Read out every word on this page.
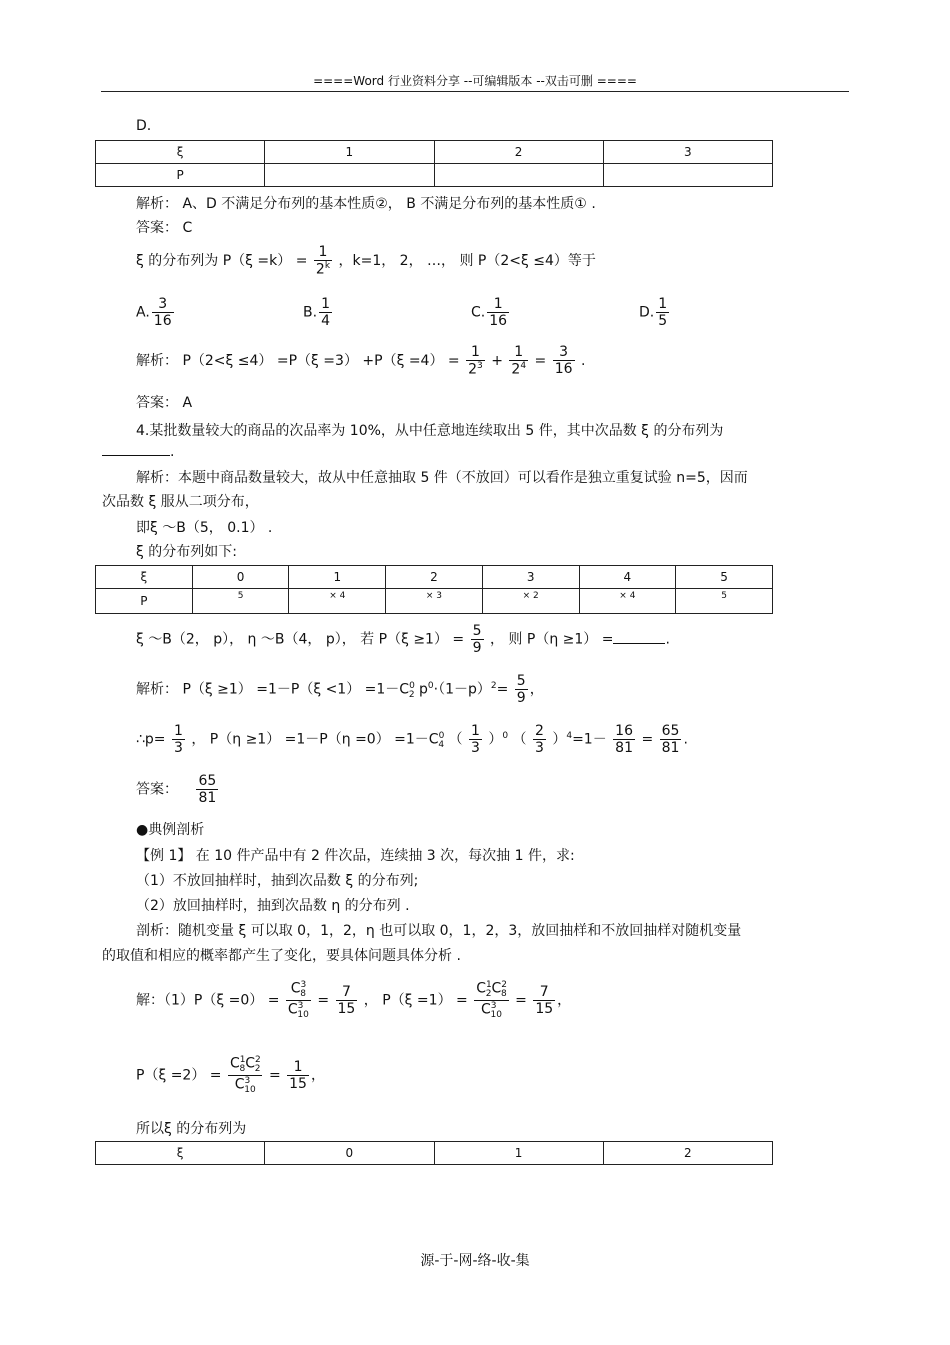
====Word 行业资料分享 --可编辑版本 --双击可删 ====
D.
ξ	1	2	3
P			
解析： A、D 不满足分布列的基本性质②， B 不满足分布列的基本性质① .
答案： C
ξ 的分布列为 $P(\xi =k) = \frac{1}{2^k}$ ，k=1， 2， …， 则 P（2<ξ ≤4）等于
A. $\frac{3}{16}$	B. $\frac{1}{4}$	C. $\frac{1}{16}$	D. $\frac{1}{5}$
解析： $P(2<\xi \le 4) =P(\xi =3) +P(\xi =4) = \frac{1}{2^3} + \frac{1}{2^4} = \frac{3}{16}$ .
答案： A
4.某批数量较大的商品的次品率为 10%，从中任意地连续取出 5 件，其中次品数 ξ 的分布列为
.
解析：本题中商品数量较大，故从中任意抽取 5 件（不放回）可以看作是独立重复试验 n=5，因而
次品数 ξ 服从二项分布，
即ξ ～B（5， 0.1） .
ξ 的分布列如下:
ξ	0	1	2	3	4	5
P	5	× 4	× 3	× 2	× 4	5
ξ ～B（2， p）， η ～B（4， p）， 若 $P(\xi \ge 1) = \frac{5}{9}$ ， 则 P（η ≥1） =	.
解析： $P(\xi \ge 1) =1-P(\xi <1) =1-C^0_2$ $p^0\cdot(1-p)^2= \frac{5}{9}$ ，
∴p= $\frac{1}{3}$ ， $P(\eta \ge 1) =1-P(\eta =0) =1-C^0_4$ （ $\frac{1}{3} )^0$ （ $\frac{2}{3} )^4=1- \frac{16}{81} = \frac{65}{81}$ .
答案： $\frac{65}{81}$
●典例剖析
【例 1】 在 10 件产品中有 2 件次品，连续抽 3 次，每次抽 1 件，求:
（1）不放回抽样时，抽到次品数 ξ 的分布列;
（2）放回抽样时，抽到次品数 η 的分布列 .
剖析：随机变量 ξ 可以取 0，1，2，η 也可以取 0，1，2，3，放回抽样和不放回抽样对随机变量
的取值和相应的概率都产生了变化，要具体问题具体分析 .
解：$(1)P(\xi =0) = \frac{C^3_8}{C^3_{10}} = \frac{7}{15}$ ， $P(\xi =1) = \frac{C^1_2C^2_8}{C^3_{10}} = \frac{7}{15}$ ，
$P(\xi =2) = \frac{C^1_8C^2_2}{C^3_{10}} = \frac{1}{15}$ ，
所以ξ 的分布列为
ξ	0	1	2
源-于-网-络-收-集
